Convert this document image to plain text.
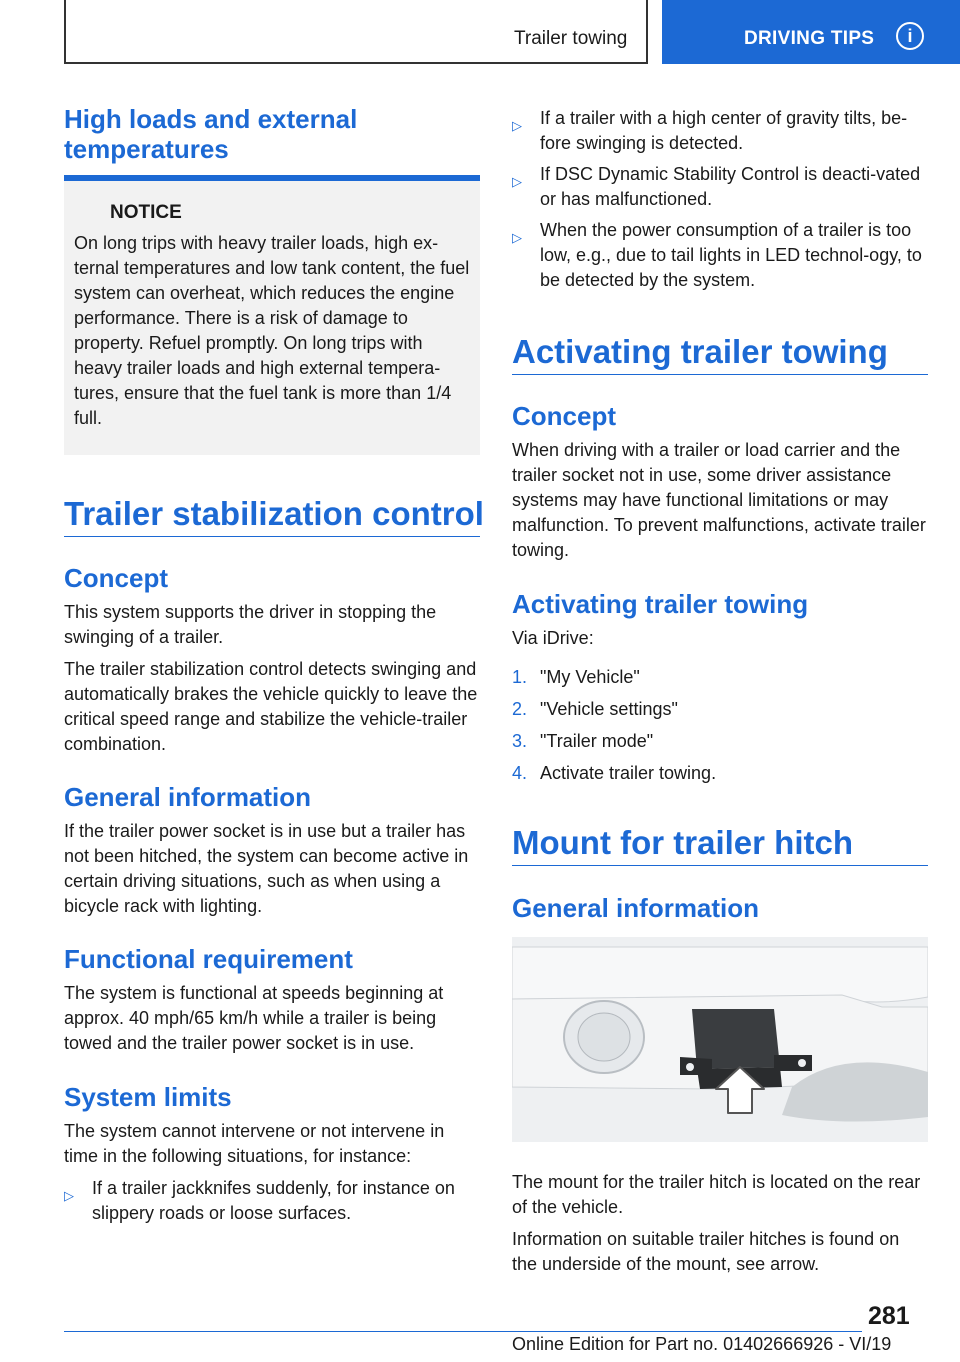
Trailer towing	DRIVING TIPS	i

High loads and external temperatures

NOTICE

On long trips with heavy trailer loads, high ex-ternal temperatures and low tank content, the fuel system can overheat, which reduces the engine performance. There is a risk of damage to property. Refuel promptly. On long trips with heavy trailer loads and high external tempera-tures, ensure that the fuel tank is more than 1/4 full.

Trailer stabilization control

Concept

This system supports the driver in stopping the swinging of a trailer.

The trailer stabilization control detects swinging and automatically brakes the vehicle quickly to leave the critical speed range and stabilize the vehicle-trailer combination.

General information

If the trailer power socket is in use but a trailer has not been hitched, the system can become active in certain driving situations, such as when using a bicycle rack with lighting.

Functional requirement

The system is functional at speeds beginning at approx. 40 mph/65 km/h while a trailer is being towed and the trailer power socket is in use.

System limits

The system cannot intervene or not intervene in time in the following situations, for instance:

▷ If a trailer jackknifes suddenly, for instance on slippery roads or loose surfaces.
▷ If a trailer with a high center of gravity tilts, be-fore swinging is detected.
▷ If DSC Dynamic Stability Control is deacti-vated or has malfunctioned.
▷ When the power consumption of a trailer is too low, e.g., due to tail lights in LED technol-ogy, to be detected by the system.

Activating trailer towing

Concept

When driving with a trailer or load carrier and the trailer socket not in use, some driver assistance systems may have functional limitations or may malfunction. To prevent malfunctions, activate trailer towing.

Activating trailer towing

Via iDrive:

1. "My Vehicle"
2. "Vehicle settings"
3. "Trailer mode"
4. Activate trailer towing.

Mount for trailer hitch

General information

The mount for the trailer hitch is located on the rear of the vehicle.

Information on suitable trailer hitches is found on the underside of the mount, see arrow.

281
Online Edition for Part no. 01402666926 - VI/19
